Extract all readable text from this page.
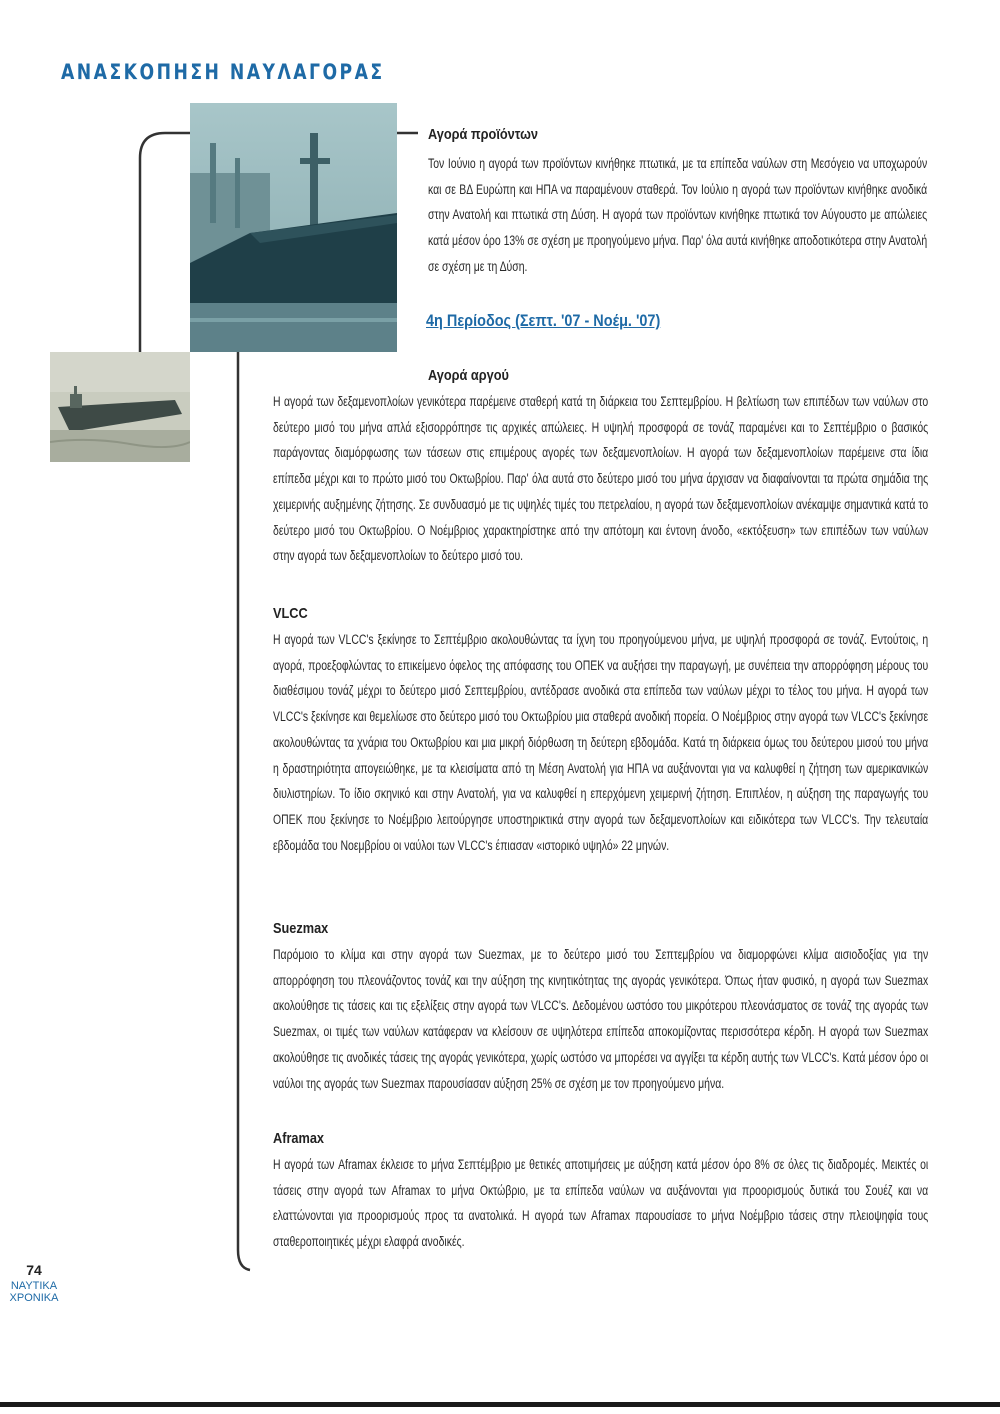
ΑΝΑΣΚΟΠΗΣΗ ΝΑΥΛΑΓΟΡΑΣ
Αγορά προϊόντων
Τον Ιούνιο η αγορά των προϊόντων κινήθηκε πτωτικά, με τα επίπεδα ναύλων στη Μεσόγειο να υποχωρούν και σε ΒΔ Ευρώπη και ΗΠΑ να παραμένουν σταθερά. Τον Ιούλιο η αγορά των προϊόντων κινήθηκε ανοδικά στην Ανατολή και πτωτικά στη Δύση. Η αγορά των προϊόντων κινήθηκε πτωτικά τον Αύγουστο με απώλειες κατά μέσον όρο 13% σε σχέση με προηγούμενο μήνα. Παρ' όλα αυτά κινήθηκε αποδοτικότερα στην Ανατολή σε σχέση με τη Δύση.
4η Περίοδος (Σεπτ. '07 - Νοέμ. '07)
Αγορά αργού
Η αγορά των δεξαμενοπλοίων γενικότερα παρέμεινε σταθερή κατά τη διάρκεια του Σεπτεμβρίου. Η βελτίωση των επιπέδων των ναύλων στο δεύτερο μισό του μήνα απλά εξισορρόπησε τις αρχικές απώλειες. Η υψηλή προσφορά σε τονάζ παραμένει και το Σεπτέμβριο ο βασικός παράγοντας διαμόρφωσης των τάσεων στις επιμέρους αγορές των δεξαμενοπλοίων. Η αγορά των δεξαμενοπλοίων παρέμεινε στα ίδια επίπεδα μέχρι και το πρώτο μισό του Οκτωβρίου. Παρ' όλα αυτά στο δεύτερο μισό του μήνα άρχισαν να διαφαίνονται τα πρώτα σημάδια της χειμερινής αυξημένης ζήτησης. Σε συνδυασμό με τις υψηλές τιμές του πετρελαίου, η αγορά των δεξαμενοπλοίων ανέκαμψε σημαντικά κατά το δεύτερο μισό του Οκτωβρίου. Ο Νοέμβριος χαρακτηρίστηκε από την απότομη και έντονη άνοδο, «εκτόξευση» των επιπέδων των ναύλων στην αγορά των δεξαμενοπλοίων το δεύτερο μισό του.
VLCC
Η αγορά των VLCC's ξεκίνησε το Σεπτέμβριο ακολουθώντας τα ίχνη του προηγούμενου μήνα, με υψηλή προσφορά σε τονάζ. Εντούτοις, η αγορά, προεξοφλώντας το επικείμενο όφελος της απόφασης του ΟΠΕΚ να αυξήσει την παραγωγή, με συνέπεια την απορρόφηση μέρους του διαθέσιμου τονάζ μέχρι το δεύτερο μισό Σεπτεμβρίου, αντέδρασε ανοδικά στα επίπεδα των ναύλων μέχρι το τέλος του μήνα. Η αγορά των VLCC's ξεκίνησε και θεμελίωσε στο δεύτερο μισό του Οκτωβρίου μια σταθερά ανοδική πορεία. Ο Νοέμβριος στην αγορά των VLCC's ξεκίνησε ακολουθώντας τα χνάρια του Οκτωβρίου και μια μικρή διόρθωση τη δεύτερη εβδομάδα. Κατά τη διάρκεια όμως του δεύτερου μισού του μήνα η δραστηριότητα απογειώθηκε, με τα κλεισίματα από τη Μέση Ανατολή για ΗΠΑ να αυξάνονται για να καλυφθεί η ζήτηση των αμερικανικών διυλιστηρίων. Το ίδιο σκηνικό και στην Ανατολή, για να καλυφθεί η επερχόμενη χειμερινή ζήτηση. Επιπλέον, η αύξηση της παραγωγής του ΟΠΕΚ που ξεκίνησε το Νοέμβριο λειτούργησε υποστηρικτικά στην αγορά των δεξαμενοπλοίων και ειδικότερα των VLCC's. Την τελευταία εβδομάδα του Νοεμβρίου οι ναύλοι των VLCC's έπιασαν «ιστορικό υψηλό» 22 μηνών.
Suezmax
Παρόμοιο το κλίμα και στην αγορά των Suezmax, με το δεύτερο μισό του Σεπτεμβρίου να διαμορφώνει κλίμα αισιοδοξίας για την απορρόφηση του πλεονάζοντος τονάζ και την αύξηση της κινητικότητας της αγοράς γενικότερα. Όπως ήταν φυσικό, η αγορά των Suezmax ακολούθησε τις τάσεις και τις εξελίξεις στην αγορά των VLCC's. Δεδομένου ωστόσο του μικρότερου πλεονάσματος σε τονάζ της αγοράς των Suezmax, οι τιμές των ναύλων κατάφεραν να κλείσουν σε υψηλότερα επίπεδα αποκομίζοντας περισσότερα κέρδη. Η αγορά των Suezmax ακολούθησε τις ανοδικές τάσεις της αγοράς γενικότερα, χωρίς ωστόσο να μπορέσει να αγγίξει τα κέρδη αυτής των VLCC's. Κατά μέσον όρο οι ναύλοι της αγοράς των Suezmax παρουσίασαν αύξηση 25% σε σχέση με τον προηγούμενο μήνα.
Aframax
Η αγορά των Aframax έκλεισε το μήνα Σεπτέμβριο με θετικές αποτιμήσεις με αύξηση κατά μέσον όρο 8% σε όλες τις διαδρομές. Μεικτές οι τάσεις στην αγορά των Aframax το μήνα Οκτώβριο, με τα επίπεδα ναύλων να αυξάνονται για προορισμούς δυτικά του Σουέζ και να ελαττώνονται για προορισμούς προς τα ανατολικά. Η αγορά των Aframax παρουσίασε το μήνα Νοέμβριο τάσεις στην πλειοψηφία τους σταθεροποιητικές μέχρι ελαφρά ανοδικές.
74
ΝΑΥΤΙΚΑ
ΧΡΟΝΙΚΑ
